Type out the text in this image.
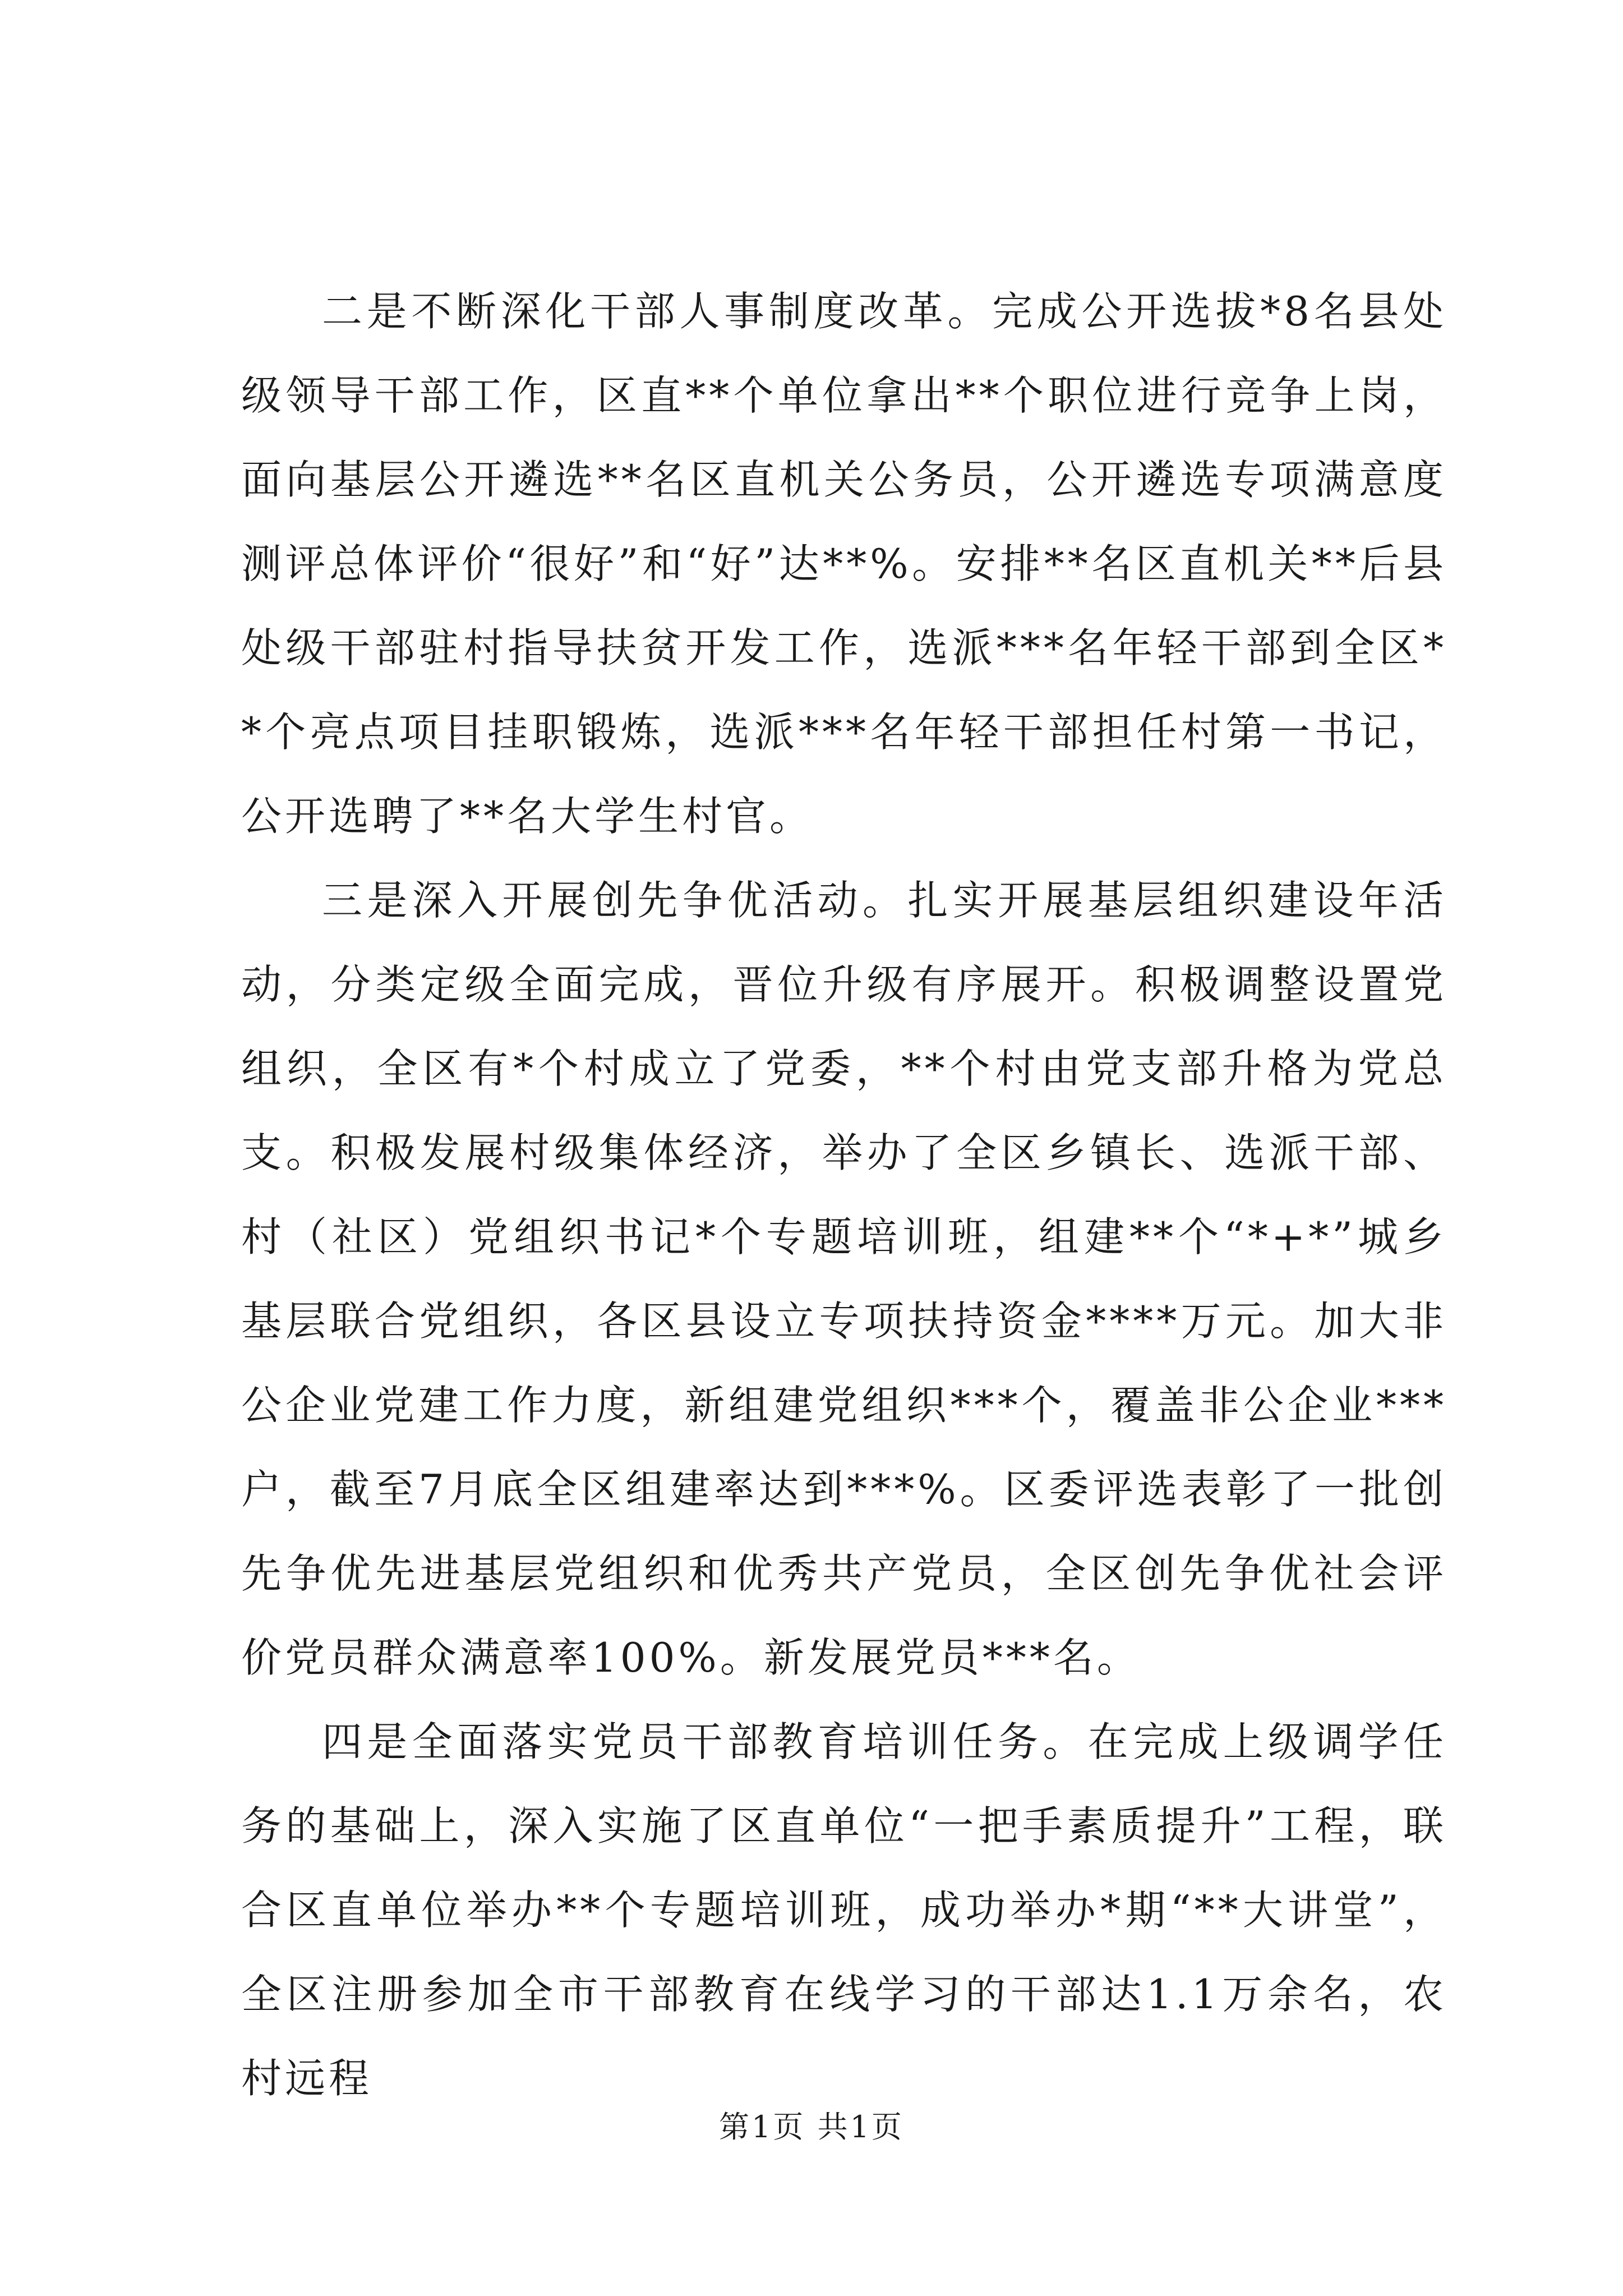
二是不断深化干部人事制度改革。完成公开选拔*8名县处级领导干部工作，区直**个单位拿出**个职位进行竞争上岗，面向基层公开遴选**名区直机关公务员，公开遴选专项满意度测评总体评价“很好”和“好”达**%。安排**名区直机关**后县处级干部驻村指导扶贫开发工作，选派***名年轻干部到全区**个亮点项目挂职锻炼，选派***名年轻干部担任村第一书记，公开选聘了**名大学生村官。

三是深入开展创先争优活动。扎实开展基层组织建设年活动，分类定级全面完成，晋位升级有序展开。积极调整设置党组织，全区有*个村成立了党委，**个村由党支部升格为党总支。积极发展村级集体经济，举办了全区乡镇长、选派干部、村（社区）党组织书记*个专题培训班，组建**个“*+*”城乡基层联合党组织，各区县设立专项扶持资金****万元。加大非公企业党建工作力度，新组建党组织***个，覆盖非公企业***户，截至7月底全区组建率达到***%。区委评选表彰了一批创先争优先进基层党组织和优秀共产党员，全区创先争优社会评价党员群众满意率100%。新发展党员***名。

四是全面落实党员干部教育培训任务。在完成上级调学任务的基础上，深入实施了区直单位“一把手素质提升”工程，联合区直单位举办**个专题培训班，成功举办*期“**大讲堂”，全区注册参加全市干部教育在线学习的干部达1.1万余名，农村远程

第1页 共1页
